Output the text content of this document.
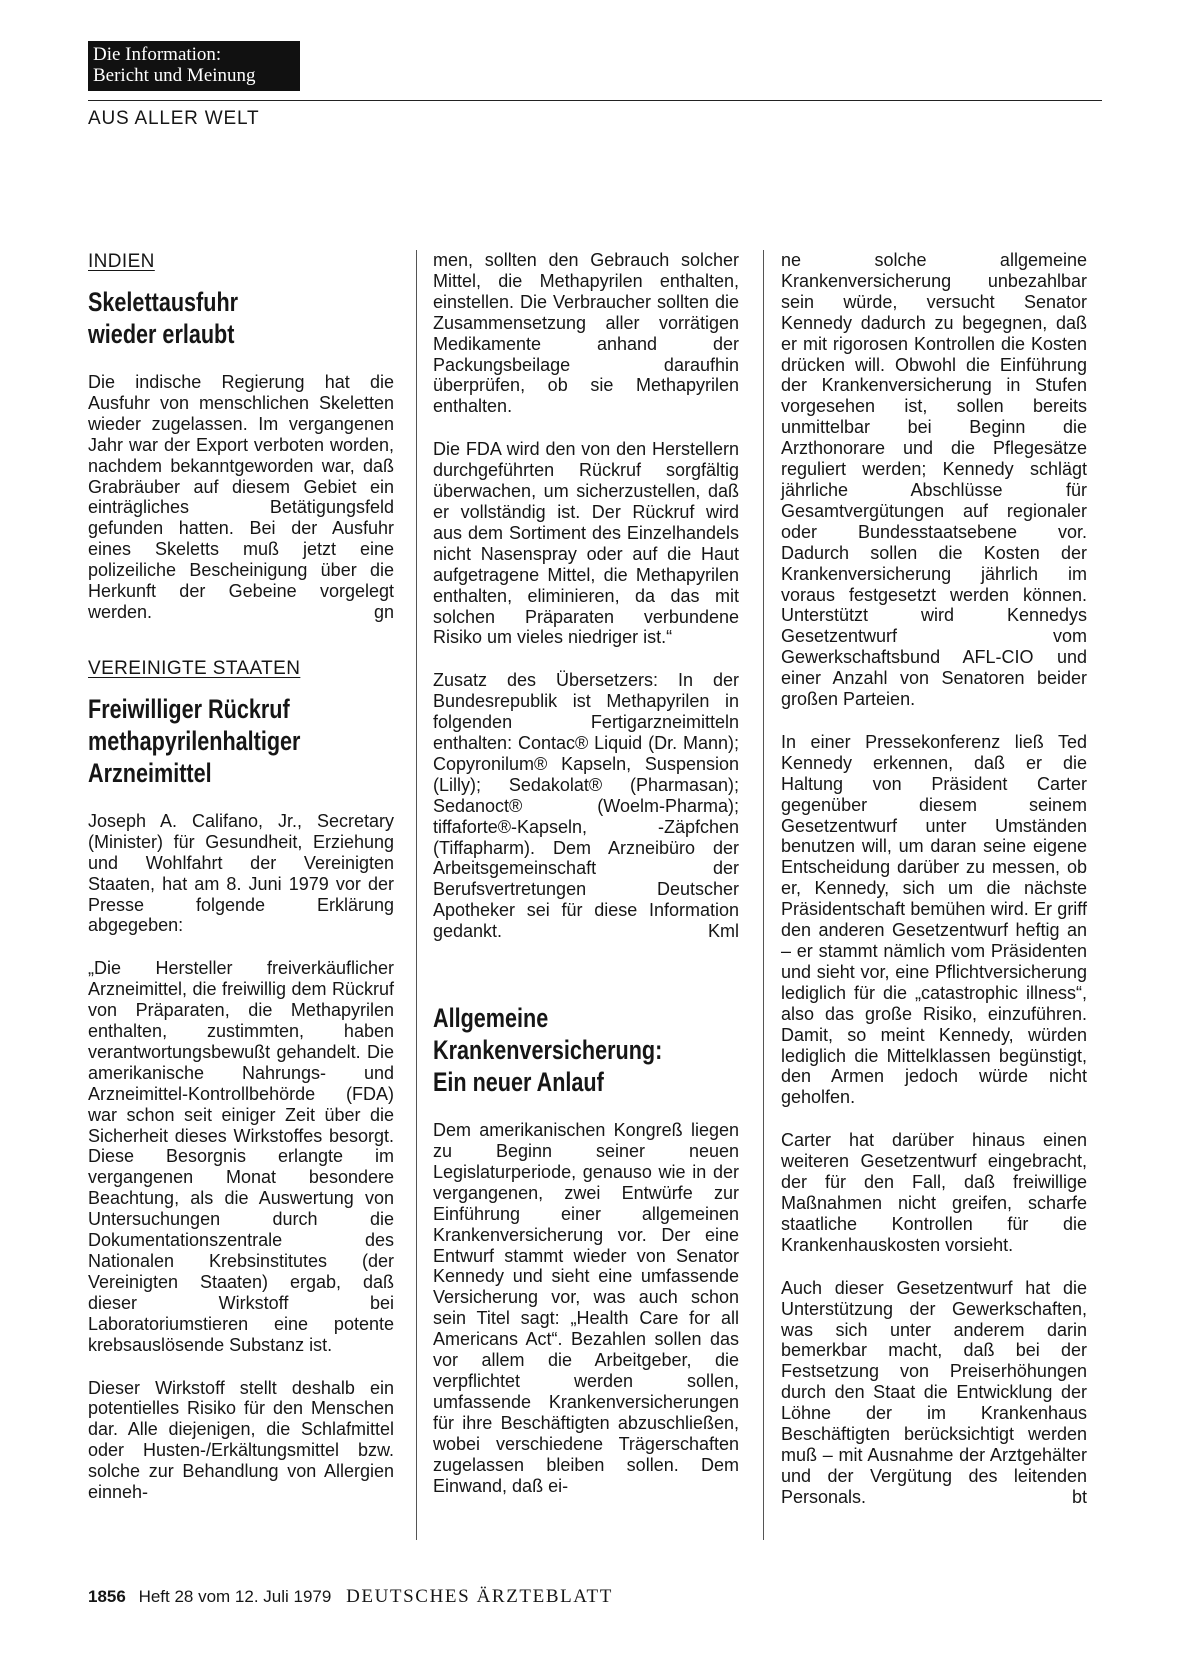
Die Information:
Bericht und Meinung
AUS ALLER WELT

INDIEN

Skelettausfuhr
wieder erlaubt

Die indische Regierung hat die Ausfuhr von menschlichen Skeletten wieder zugelassen. Im vergangenen Jahr war der Export verboten worden, nachdem bekanntgeworden war, daß Grabräuber auf diesem Gebiet ein einträgliches Betätigungsfeld gefunden hatten. Bei der Ausfuhr eines Skeletts muß jetzt eine polizeiliche Bescheinigung über die Herkunft der Gebeine vorgelegt werden.	gn

VEREINIGTE STAATEN

Freiwilliger Rückruf
methapyrilenhaltiger
Arzneimittel

Joseph A. Califano, Jr., Secretary (Minister) für Gesundheit, Erziehung und Wohlfahrt der Vereinigten Staaten, hat am 8. Juni 1979 vor der Presse folgende Erklärung abgegeben:

„Die Hersteller freiverkäuflicher Arzneimittel, die freiwillig dem Rückruf von Präparaten, die Methapyrilen enthalten, zustimmten, haben verantwortungsbewußt gehandelt. Die amerikanische Nahrungs- und Arzneimittel-Kontrollbehörde (FDA) war schon seit einiger Zeit über die Sicherheit dieses Wirkstoffes besorgt. Diese Besorgnis erlangte im vergangenen Monat besondere Beachtung, als die Auswertung von Untersuchungen durch die Dokumentationszentrale des Nationalen Krebsinstitutes (der Vereinigten Staaten) ergab, daß dieser Wirkstoff bei Laboratoriumstieren eine potente krebsauslösende Substanz ist.

Dieser Wirkstoff stellt deshalb ein potentielles Risiko für den Menschen dar. Alle diejenigen, die Schlafmittel oder Husten-/Erkältungsmittel bzw. solche zur Behandlung von Allergien einneh-

men, sollten den Gebrauch solcher Mittel, die Methapyrilen enthalten, einstellen. Die Verbraucher sollten die Zusammensetzung aller vorrätigen Medikamente anhand der Packungsbeilage daraufhin überprüfen, ob sie Methapyrilen enthalten.

Die FDA wird den von den Herstellern durchgeführten Rückruf sorgfältig überwachen, um sicherzustellen, daß er vollständig ist. Der Rückruf wird aus dem Sortiment des Einzelhandels nicht Nasenspray oder auf die Haut aufgetragene Mittel, die Methapyrilen enthalten, eliminieren, da das mit solchen Präparaten verbundene Risiko um vieles niedriger ist.“

Zusatz des Übersetzers: In der Bundesrepublik ist Methapyrilen in folgenden Fertigarzneimitteln enthalten: Contac® Liquid (Dr. Mann); Copyronilum® Kapseln, Suspension (Lilly); Sedakolat® (Pharmasan); Sedanoct® (Woelm-Pharma); tiffaforte®-Kapseln, -Zäpfchen (Tiffapharm). Dem Arzneibüro der Arbeitsgemeinschaft der Berufsvertretungen Deutscher Apotheker sei für diese Information gedankt.	Kml

Allgemeine
Krankenversicherung:
Ein neuer Anlauf

Dem amerikanischen Kongreß liegen zu Beginn seiner neuen Legislaturperiode, genauso wie in der vergangenen, zwei Entwürfe zur Einführung einer allgemeinen Krankenversicherung vor. Der eine Entwurf stammt wieder von Senator Kennedy und sieht eine umfassende Versicherung vor, was auch schon sein Titel sagt: „Health Care for all Americans Act“. Bezahlen sollen das vor allem die Arbeitgeber, die verpflichtet werden sollen, umfassende Krankenversicherungen für ihre Beschäftigten abzuschließen, wobei verschiedene Trägerschaften zugelassen bleiben sollen. Dem Einwand, daß ei-

ne solche allgemeine Krankenversicherung unbezahlbar sein würde, versucht Senator Kennedy dadurch zu begegnen, daß er mit rigorosen Kontrollen die Kosten drücken will. Obwohl die Einführung der Krankenversicherung in Stufen vorgesehen ist, sollen bereits unmittelbar bei Beginn die Arzthonorare und die Pflegesätze reguliert werden; Kennedy schlägt jährliche Abschlüsse für Gesamtvergütungen auf regionaler oder Bundesstaatsebene vor. Dadurch sollen die Kosten der Krankenversicherung jährlich im voraus festgesetzt werden können. Unterstützt wird Kennedys Gesetzentwurf vom Gewerkschaftsbund AFL-CIO und einer Anzahl von Senatoren beider großen Parteien.

In einer Pressekonferenz ließ Ted Kennedy erkennen, daß er die Haltung von Präsident Carter gegenüber diesem seinem Gesetzentwurf unter Umständen benutzen will, um daran seine eigene Entscheidung darüber zu messen, ob er, Kennedy, sich um die nächste Präsidentschaft bemühen wird. Er griff den anderen Gesetzentwurf heftig an – er stammt nämlich vom Präsidenten und sieht vor, eine Pflichtversicherung lediglich für die „catastrophic illness“, also das große Risiko, einzuführen. Damit, so meint Kennedy, würden lediglich die Mittelklassen begünstigt, den Armen jedoch würde nicht geholfen.

Carter hat darüber hinaus einen weiteren Gesetzentwurf eingebracht, der für den Fall, daß freiwillige Maßnahmen nicht greifen, scharfe staatliche Kontrollen für die Krankenhauskosten vorsieht.

Auch dieser Gesetzentwurf hat die Unterstützung der Gewerkschaften, was sich unter anderem darin bemerkbar macht, daß bei der Festsetzung von Preiserhöhungen durch den Staat die Entwicklung der Löhne der im Krankenhaus Beschäftigten berücksichtigt werden muß – mit Ausnahme der Arztgehälter und der Vergütung des leitenden Personals.	bt

1856 Heft 28 vom 12. Juli 1979 DEUTSCHES ÄRZTEBLATT
